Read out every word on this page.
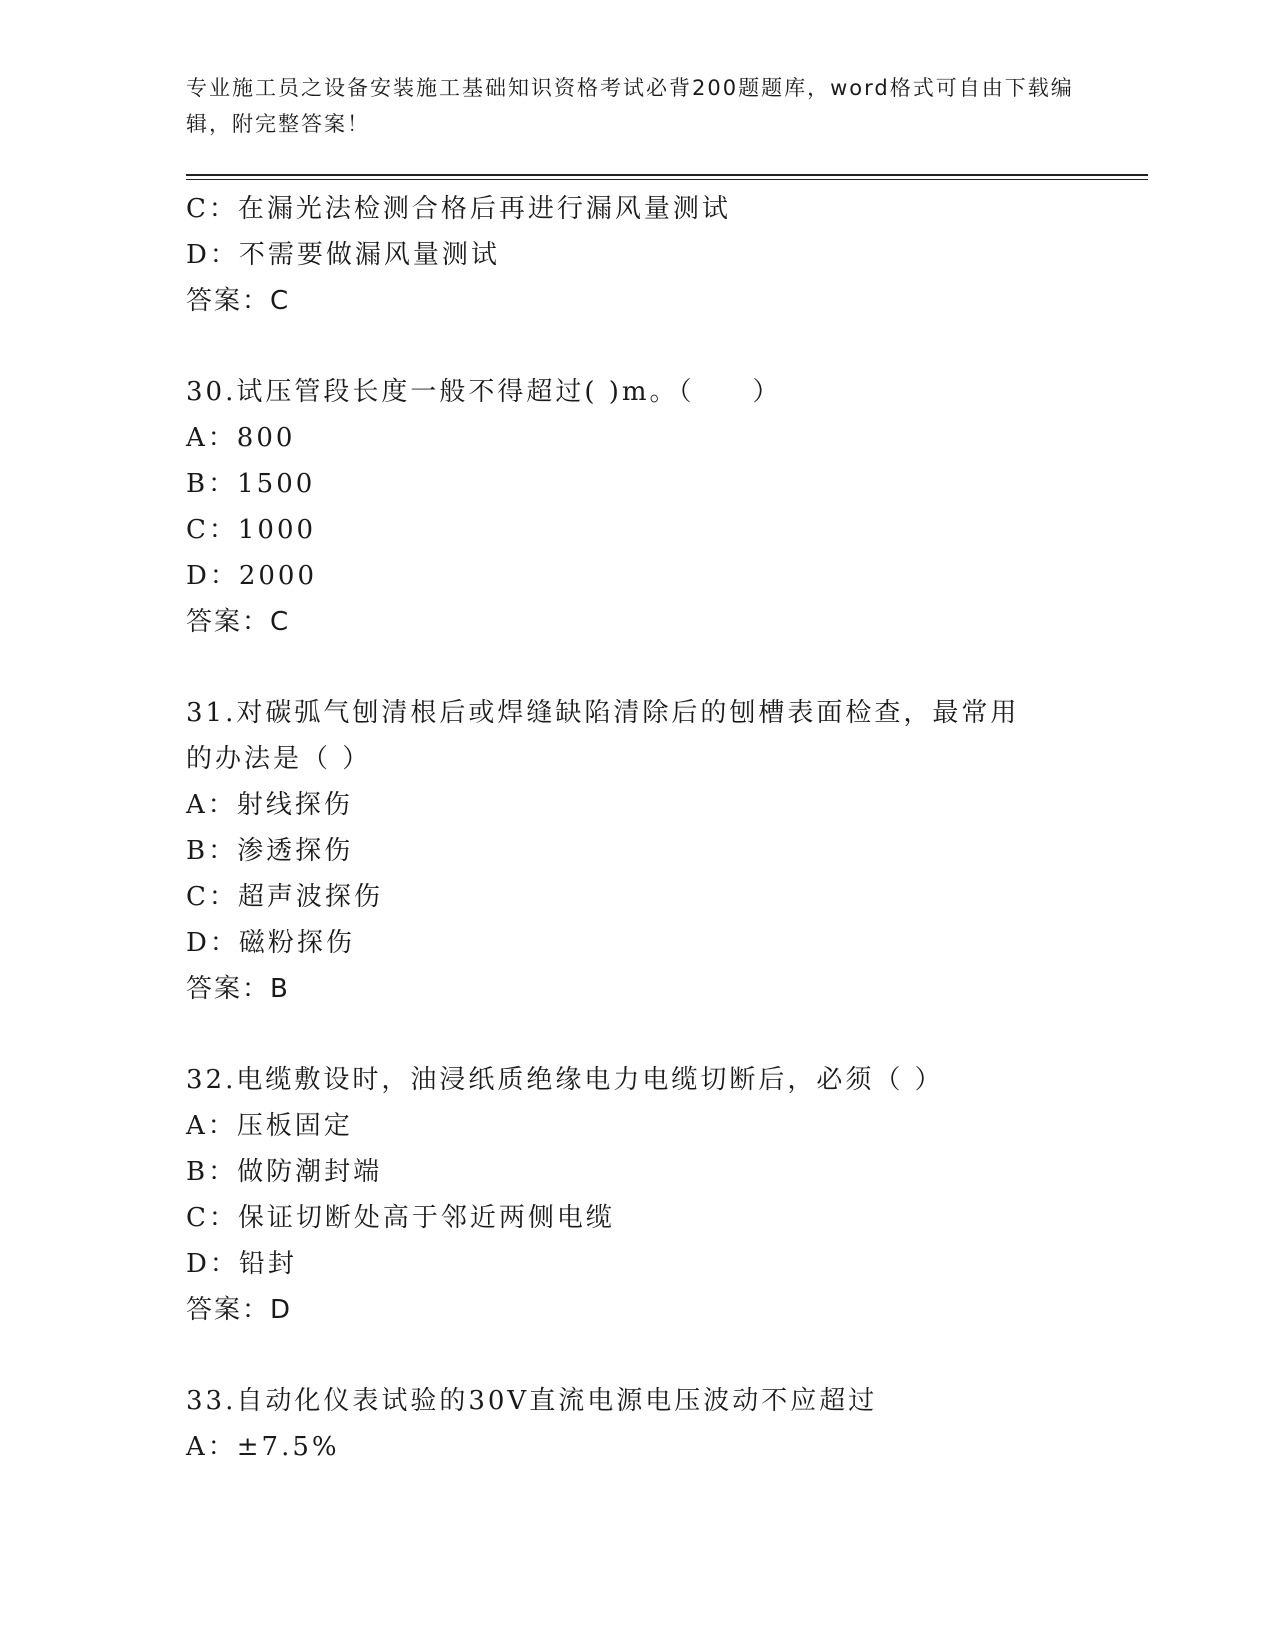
专业施工员之设备安装施工基础知识资格考试必背200题题库，word格式可自由下载编辑，附完整答案！
C：在漏光法检测合格后再进行漏风量测试
D：不需要做漏风量测试
答案：C
30.试压管段长度一般不得超过( )m。（　　）
A：800
B：1500
C：1000
D：2000
答案：C
31.对碳弧气刨清根后或焊缝缺陷清除后的刨槽表面检查，最常用的办法是（ ）
A：射线探伤
B：渗透探伤
C：超声波探伤
D：磁粉探伤
答案：B
32.电缆敷设时，油浸纸质绝缘电力电缆切断后，必须（ ）
A：压板固定
B：做防潮封端
C：保证切断处高于邻近两侧电缆
D：铅封
答案：D
33.自动化仪表试验的30V直流电源电压波动不应超过
A：±7.5%
